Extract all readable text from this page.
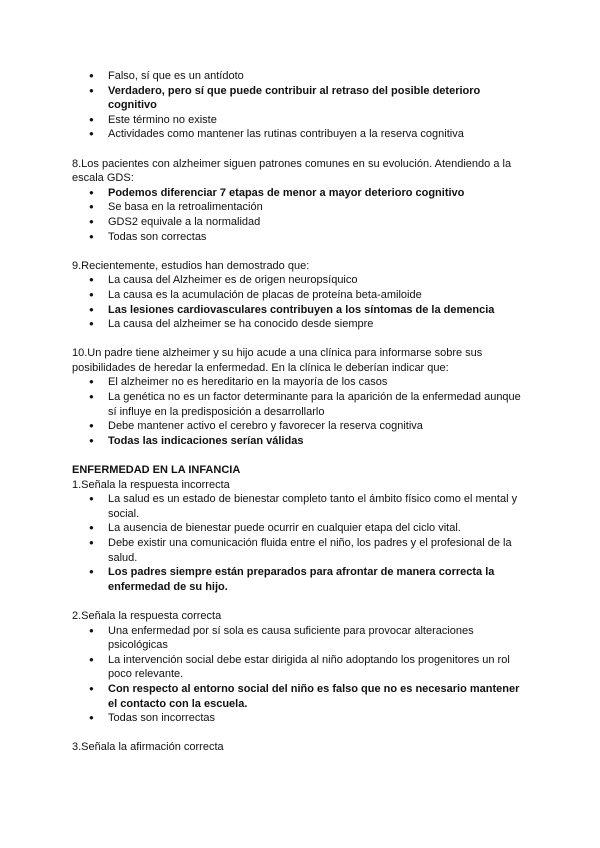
● Falso, sí que es un antídoto
● Verdadero, pero sí que puede contribuir al retraso del posible deterioro cognitivo
● Este término no existe
● Actividades como mantener las rutinas contribuyen a la reserva cognitiva

8.Los pacientes con alzheimer siguen patrones comunes en su evolución. Atendiendo a la escala GDS:

● Podemos diferenciar 7 etapas de menor a mayor deterioro cognitivo
● Se basa en la retroalimentación
● GDS2 equivale a la normalidad
● Todas son correctas

9.Recientemente, estudios han demostrado que:

● La causa del Alzheimer es de origen neuropsíquico
● La causa es la acumulación de placas de proteína beta-amiloide
● Las lesiones cardiovasculares contribuyen a los síntomas de la demencia
● La causa del alzheimer se ha conocido desde siempre

10.Un padre tiene alzheimer y su hijo acude a una clínica para informarse sobre sus posibilidades de heredar la enfermedad. En la clínica le deberían indicar que:

● El alzheimer no es hereditario en la mayoría de los casos
● La genética no es un factor determinante para la aparición de la enfermedad aunque sí influye en la predisposición a desarrollarlo
● Debe mantener activo el cerebro y favorecer la reserva cognitiva
● Todas las indicaciones serían válidas

ENFERMEDAD EN LA INFANCIA

1.Señala la respuesta incorrecta

● La salud es un estado de bienestar completo tanto el ámbito físico como el mental y social.
● La ausencia de bienestar puede ocurrir en cualquier etapa del ciclo vital.
● Debe existir una comunicación fluida entre el niño, los padres y el profesional de la salud.
● Los padres siempre están preparados para afrontar de manera correcta la enfermedad de su hijo.

2.Señala la respuesta correcta

● Una enfermedad por sí sola es causa suficiente para provocar alteraciones psicológicas
● La intervención social debe estar dirigida al niño adoptando los progenitores un rol poco relevante.
● Con respecto al entorno social del niño es falso que no es necesario mantener el contacto con la escuela.
● Todas son incorrectas

3.Señala la afirmación correcta
